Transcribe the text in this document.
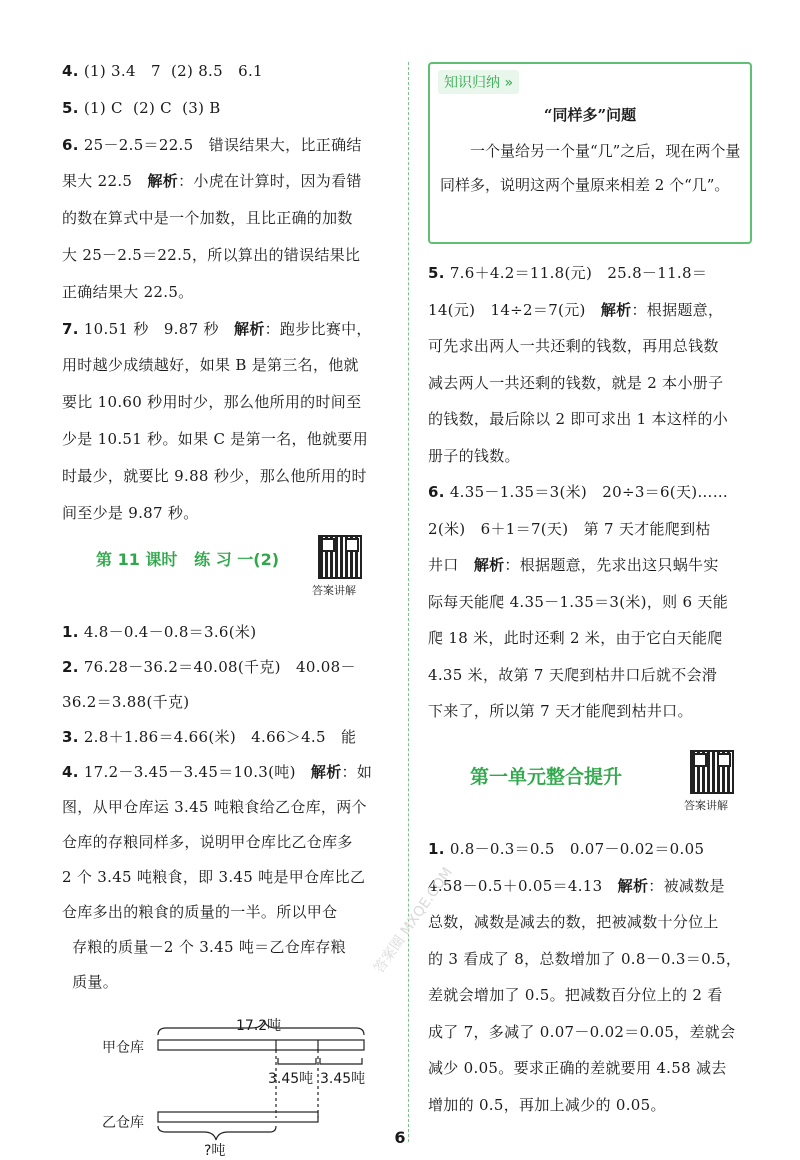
4. (1) 3.4   7  (2) 8.5   6.1
5. (1) C  (2) C  (3) B
6. 25－2.5＝22.5   错误结果大，比正确结
果大 22.5   解析：小虎在计算时，因为看错
的数在算式中是一个加数，且比正确的加数
大 25－2.5＝22.5，所以算出的错误结果比
正确结果大 22.5。
7. 10.51 秒   9.87 秒   解析：跑步比赛中，
用时越少成绩越好，如果 B 是第三名，他就
要比 10.60 秒用时少，那么他所用的时间至
少是 10.51 秒。如果 C 是第一名，他就要用
时最少，就要比 9.88 秒少，那么他所用的时
间至少是 9.87 秒。
第 11 课时   练 习 一(2)
答案讲解
1. 4.8－0.4－0.8＝3.6(米)
2. 76.28－36.2＝40.08(千克)   40.08－
36.2＝3.88(千克)
3. 2.8＋1.86＝4.66(米)   4.66＞4.5   能
4. 17.2－3.45－3.45＝10.3(吨)   解析：如
图，从甲仓库运 3.45 吨粮食给乙仓库，两个
仓库的存粮同样多，说明甲仓库比乙仓库多
2 个 3.45 吨粮食，即 3.45 吨是甲仓库比乙
仓库多出的粮食的质量的一半。所以甲仓
存粮的质量－2 个 3.45 吨＝乙仓库存粮
质量。
甲仓库
乙仓库
17.2吨
3.45吨 3.45吨
?吨
知识归纳 »
“同样多”问题
一个量给另一个量“几”之后，现在两个量同样多，说明这两个量原来相差 2 个“几”。
5. 7.6＋4.2＝11.8(元)   25.8－11.8＝
14(元)   14÷2＝7(元)   解析：根据题意，
可先求出两人一共还剩的钱数，再用总钱数
减去两人一共还剩的钱数，就是 2 本小册子
的钱数，最后除以 2 即可求出 1 本这样的小
册子的钱数。
6. 4.35－1.35＝3(米)   20÷3＝6(天)……
2(米)   6＋1＝7(天)   第 7 天才能爬到枯
井口   解析：根据题意，先求出这只蜗牛实
际每天能爬 4.35－1.35＝3(米)，则 6 天能
爬 18 米，此时还剩 2 米，由于它白天能爬
4.35 米，故第 7 天爬到枯井口后就不会滑
下来了，所以第 7 天才能爬到枯井口。
第一单元整合提升
答案讲解
1. 0.8－0.3＝0.5   0.07－0.02＝0.05
4.58－0.5＋0.05＝4.13   解析：被减数是
总数，减数是减去的数，把被减数十分位上
的 3 看成了 8，总数增加了 0.8－0.3＝0.5，
差就会增加了 0.5。把减数百分位上的 2 看
成了 7，多减了 0.07－0.02＝0.05，差就会
减少 0.05。要求正确的差就要用 4.58 减去
增加的 0.5，再加上减少的 0.05。
答案圈 MXQE.COM
6
